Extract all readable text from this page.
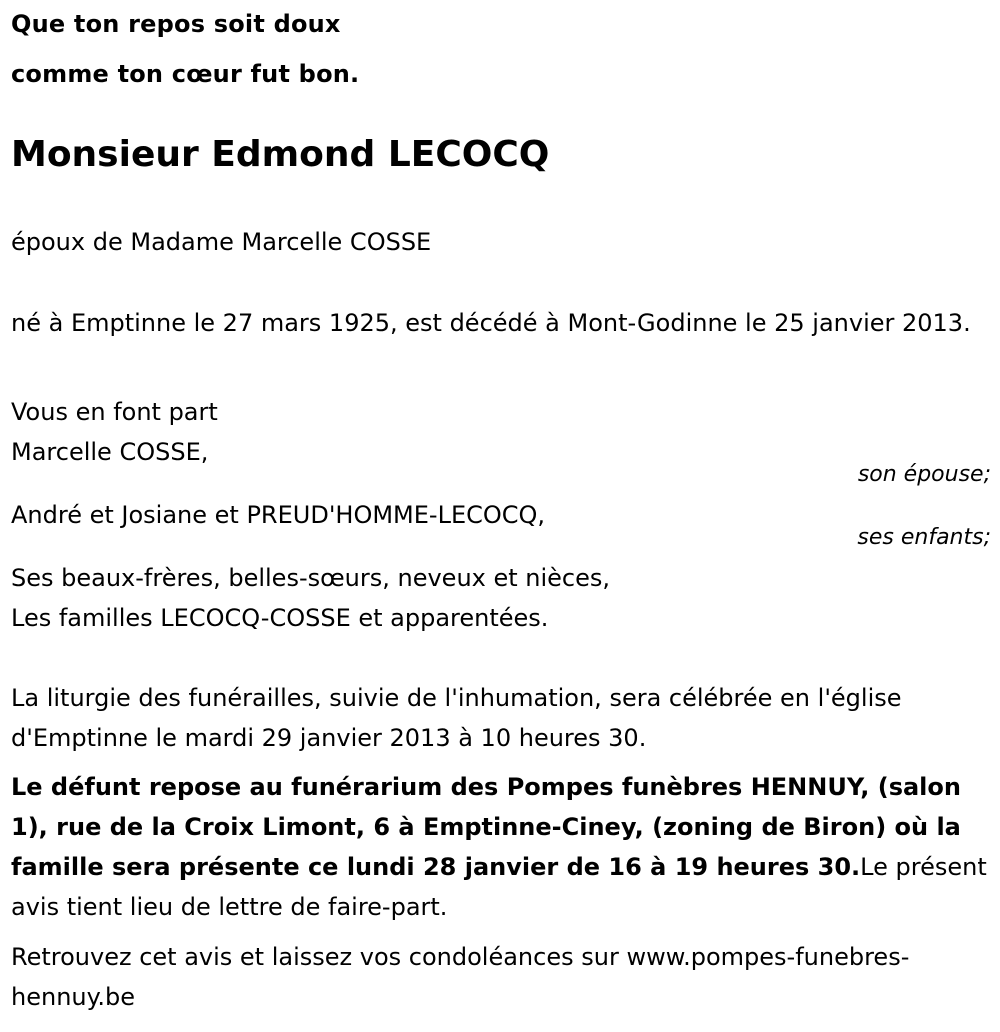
Que ton repos soit doux

comme ton cœur fut bon.

Monsieur Edmond LECOCQ

époux de Madame Marcelle COSSE

né à Emptinne le 27 mars 1925, est décédé à Mont-Godinne le 25 janvier 2013.

Vous en font part

Marcelle COSSE,

son épouse;

André et Josiane et PREUD'HOMME-LECOCQ,

ses enfants;

Ses beaux-frères, belles-sœurs, neveux et nièces,

Les familles LECOCQ-COSSE et apparentées.

La liturgie des funérailles, suivie de l'inhumation, sera célébrée en l'église d'Emptinne le mardi 29 janvier 2013 à 10 heures 30.

Le défunt repose au funérarium des Pompes funèbres HENNUY, (salon 1), rue de la Croix Limont, 6 à Emptinne-Ciney, (zoning de Biron) où la famille sera présente ce lundi 28 janvier de 16 à 19 heures 30.Le présent avis tient lieu de lettre de faire-part.

Retrouvez cet avis et laissez vos condoléances sur www.pompes-funebres-hennuy.be
